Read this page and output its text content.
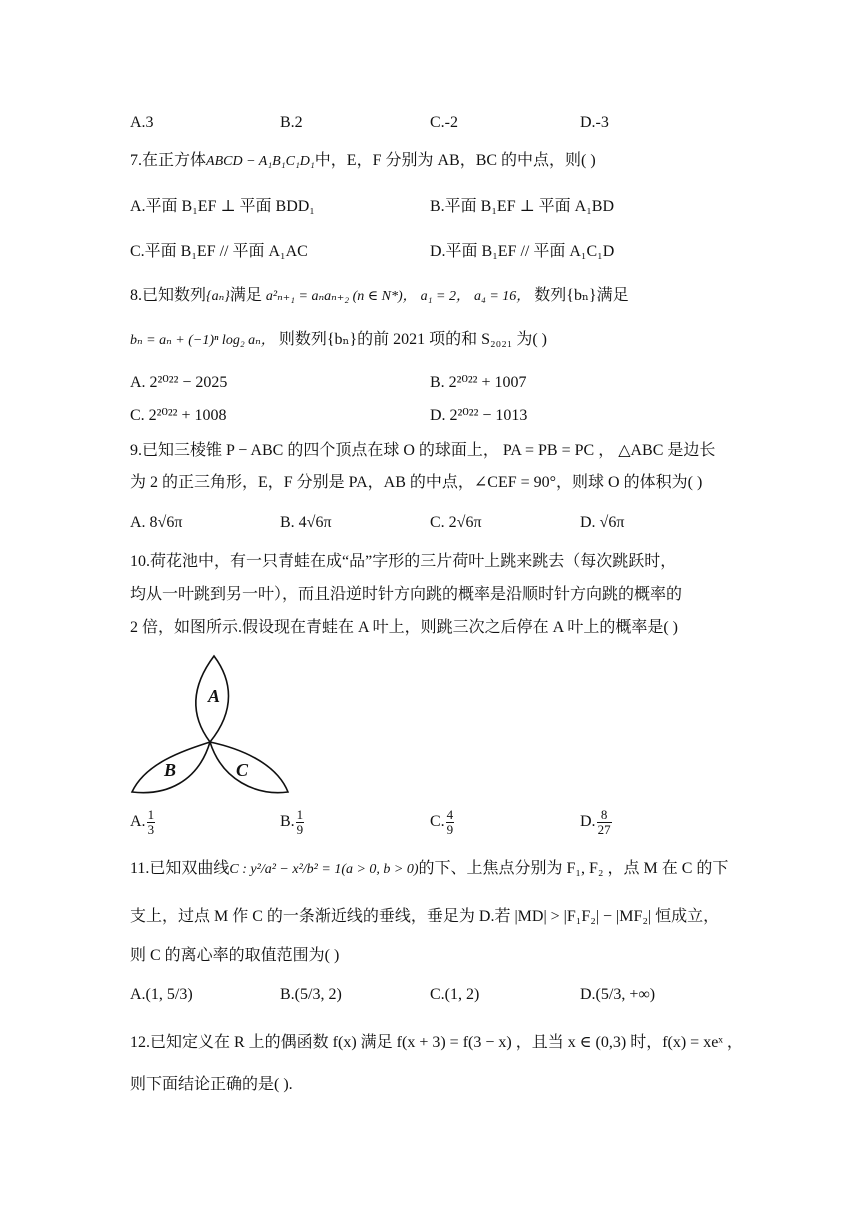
A.3	B.2	C.-2	D.-3
7.在正方体ABCD − A₁B₁C₁D₁中，E，F 分别为 AB，BC 的中点，则( )
A.平面 B₁EF ⊥ 平面 BDD₁	B.平面 B₁EF ⊥ 平面 A₁BD
C.平面 B₁EF // 平面 A₁AC	D.平面 B₁EF // 平面 A₁C₁D
8.已知数列{aₙ}满足 a²ₙ₊₁ = aₙaₙ₊₂ (n ∈ N*)， a₁ = 2， a₄ = 16， 数列{bₙ}满足
bₙ = aₙ + (−1)ⁿ log₂ aₙ， 则数列{bₙ}的前 2021 项的和 S₂₀₂₁ 为( )
A. 2²⁰²² − 2025	B. 2²⁰²² + 1007
C. 2²⁰²² + 1008	D. 2²⁰²² − 1013
9.已知三棱锥 P − ABC 的四个顶点在球 O 的球面上， PA = PB = PC ， △ABC 是边长
为 2 的正三角形，E，F 分别是 PA，AB 的中点，∠CEF = 90°，则球 O 的体积为( )
A. 8√6π	B. 4√6π	C. 2√6π	D. √6π
10.荷花池中，有一只青蛙在成“品”字形的三片荷叶上跳来跳去（每次跳跃时，
均从一叶跳到另一叶），而且沿逆时针方向跳的概率是沿顺时针方向跳的概率的
2 倍，如图所示.假设现在青蛙在 A 叶上，则跳三次之后停在 A 叶上的概率是( )
A
B	C
A. $\frac{1}{3}$	B. $\frac{1}{9}$	C. $\frac{4}{9}$	D. $\frac{8}{27}$
11.已知双曲线C : y²/a² − x²/b² = 1(a > 0, b > 0)的下、上焦点分别为 F₁, F₂ ，点 M 在 C 的下
支上，过点 M 作 C 的一条渐近线的垂线，垂足为 D.若 |MD| > |F₁F₂| − |MF₂| 恒成立，
则 C 的离心率的取值范围为( )
A.(1, 5/3)	B.(5/3, 2)	C.(1, 2)	D.(5/3, +∞)
12.已知定义在 R 上的偶函数 f(x) 满足 f(x + 3) = f(3 − x) ，且当 x ∈ (0,3) 时，f(x) = xeˣ ，
则下面结论正确的是( ).
